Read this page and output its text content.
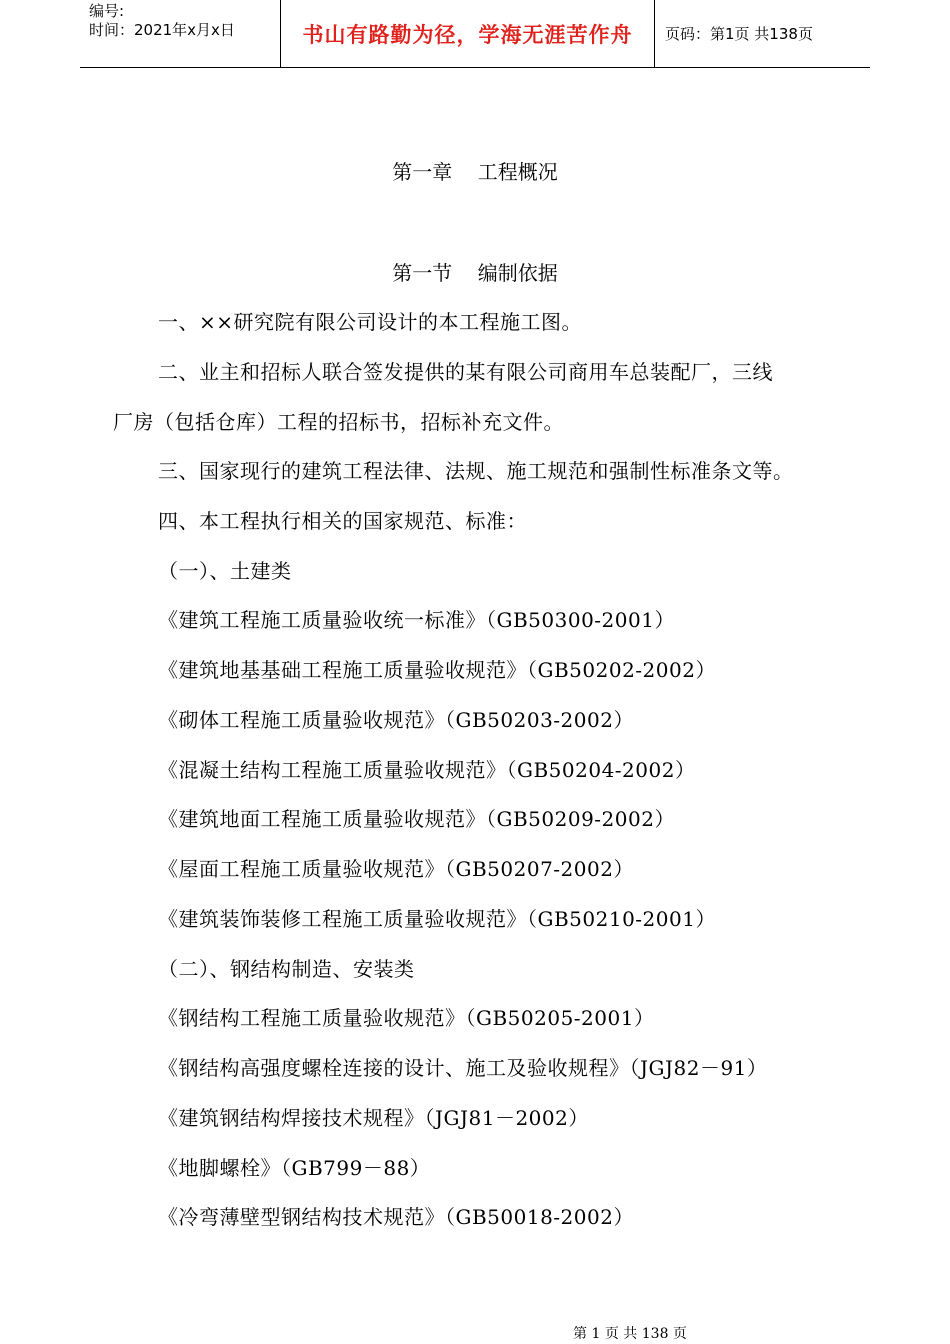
编号:
时间：2021年x月x日	书山有路勤为径，学海无涯苦作舟 页码：第1页 共138页
第一章    工程概况
第一节    编制依据
一、××研究院有限公司设计的本工程施工图。
二、业主和招标人联合签发提供的某有限公司商用车总装配厂，三线
厂房（包括仓库）工程的招标书，招标补充文件。
三、国家现行的建筑工程法律、法规、施工规范和强制性标准条文等。
四、本工程执行相关的国家规范、标准：
（一）、土建类
《建筑工程施工质量验收统一标准》（GB50300-2001）
《建筑地基基础工程施工质量验收规范》（GB50202-2002）
《砌体工程施工质量验收规范》（GB50203-2002）
《混凝土结构工程施工质量验收规范》（GB50204-2002）
《建筑地面工程施工质量验收规范》（GB50209-2002）
《屋面工程施工质量验收规范》（GB50207-2002）
《建筑装饰装修工程施工质量验收规范》（GB50210-2001）
（二）、钢结构制造、安装类
《钢结构工程施工质量验收规范》（GB50205-2001）
《钢结构高强度螺栓连接的设计、施工及验收规程》（JGJ82－91）
《建筑钢结构焊接技术规程》（JGJ81－2002）
《地脚螺栓》（GB799－88）
《冷弯薄壁型钢结构技术规范》（GB50018-2002）
第 1 页 共 138 页
